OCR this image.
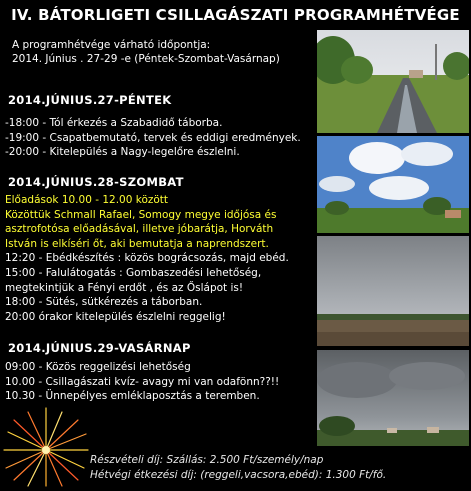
IV. BÁTORLIGETI CSILLAGÁSZATI PROGRAMHÉTVÉGE
A programhétvége várható időpontja:
2014. Június . 27-29 -e (Péntek-Szombat-Vasárnap)
2014.JÚNIUS.27-PÉNTEK
-18:00 - Tól érkezés a Szabadidő táborba.
-19:00 - Csapatbemutató, tervek és eddigi eredmények.
-20:00 - Kitelepülés a Nagy-legelőre észlelni.
2014.JÚNIUS.28-SZOMBAT
Előadások 10.00 - 12.00 között
Közöttük Schmall Rafael, Somogy megye időjósa és
asztrofotósa előadásával, illetve jóbarátja, Horváth
István is elkíséri őt, aki bemutatja a naprendszert.
12:20 - Ebédkészítés : közös bográcsozás, majd ebéd.
15:00 - Falulátogatás : Gombaszedési lehetőség,
megtekintjük a Fényi erdőt , és az Őslápot is!
18:00 - Sütés, sütkérezés a táborban.
20:00 órakor kitelepülés észlelni reggelig!
2014.JÚNIUS.29-VASÁRNAP
09:00 - Közös reggelizési lehetőség
10.00 - Csillagászati kvíz- avagy mi van odafönn??!!
10.30 - Ünnepélyes emléklaposztás a teremben.
Részvételi díj: Szállás: 2.500 Ft/személy/nap
Hétvégi étkezési díj: (reggeli,vacsora,ebéd): 1.300 Ft/fő.
